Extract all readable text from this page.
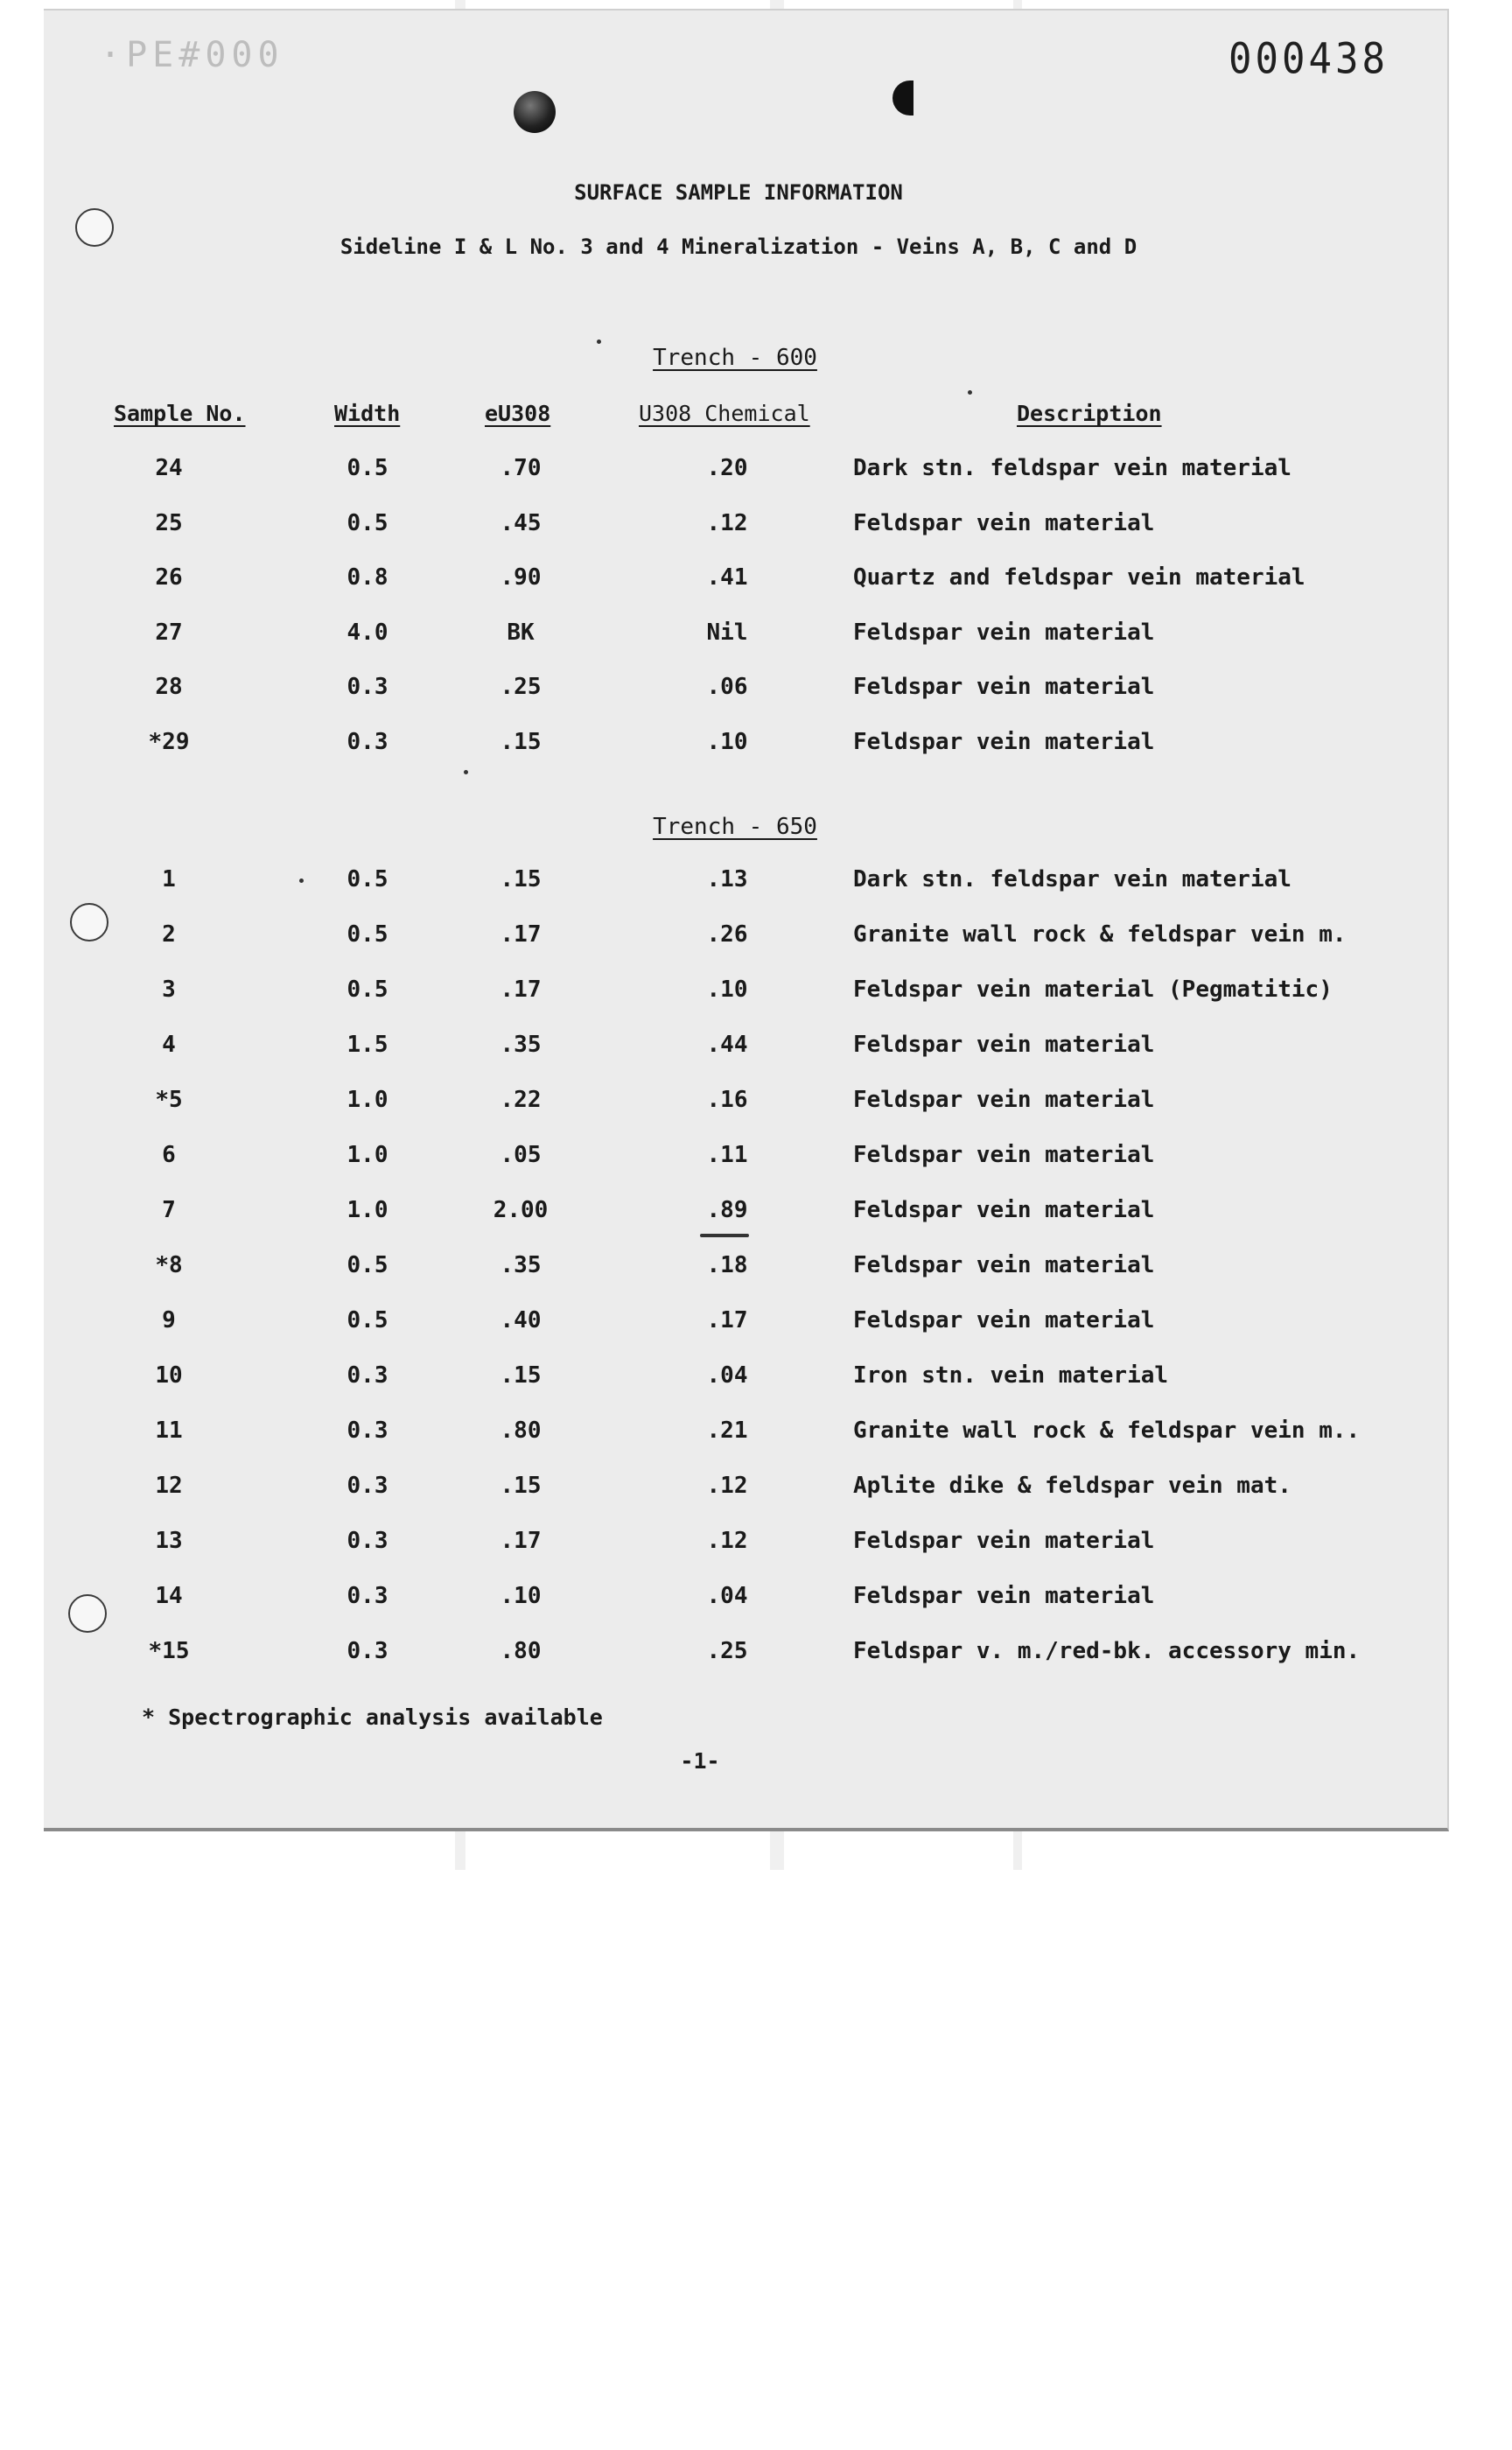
·PE#000	000438
SURFACE SAMPLE INFORMATION
Sideline I & L No. 3 and 4 Mineralization - Veins A, B, C and D
Trench - 600
Sample No.	Width	eU308	U308 Chemical	Description
24	0.5	.70	.20	Dark stn. feldspar vein material
25	0.5	.45	.12	Feldspar vein material
26	0.8	.90	.41	Quartz and feldspar vein material
27	4.0	BK	Nil	Feldspar vein material
28	0.3	.25	.06	Feldspar vein material
*29	0.3	.15	.10	Feldspar vein material
Trench - 650
1	0.5	.15	.13	Dark stn. feldspar vein material
2	0.5	.17	.26	Granite wall rock & feldspar vein m.
3	0.5	.17	.10	Feldspar vein material (Pegmatitic)
4	1.5	.35	.44	Feldspar vein material
*5	1.0	.22	.16	Feldspar vein material
6	1.0	.05	.11	Feldspar vein material
7	1.0	2.00	.89	Feldspar vein material
*8	0.5	.35	.18	Feldspar vein material
9	0.5	.40	.17	Feldspar vein material
10	0.3	.15	.04	Iron stn. vein material
11	0.3	.80	.21	Granite wall rock & feldspar vein m..
12	0.3	.15	.12	Aplite dike & feldspar vein mat.
13	0.3	.17	.12	Feldspar vein material
14	0.3	.10	.04	Feldspar vein material
*15	0.3	.80	.25	Feldspar v. m./red-bk. accessory min.
* Spectrographic analysis available
-1-
